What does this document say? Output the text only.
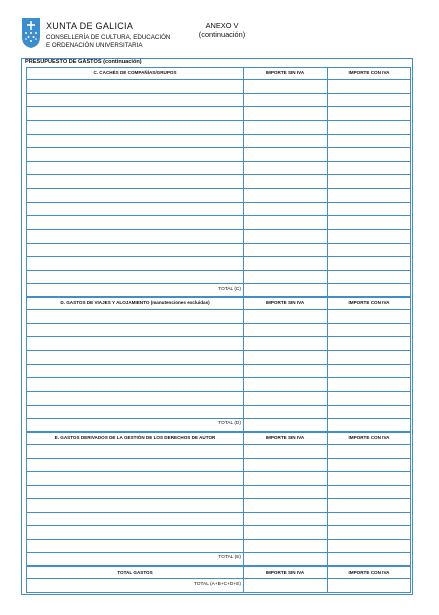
XUNTA DE GALICIA
CONSELLERÍA DE CULTURA, EDUCACIÓN
E ORDENACIÓN UNIVERSITARIA
ANEXO V
(continuación)
PRESUPUESTO DE GASTOS (continuación)
C. CACHÉS DE COMPAÑÍAS/GRUPOS	IMPORTE SIN IVA	IMPORTE CON IVA
TOTAL (C)
D. GASTOS DE VIAJES Y ALOJAMIENTO (manutenciones excluidas)	IMPORTE SIN IVA	IMPORTE CON IVA
TOTAL (D)
E. GASTOS DERIVADOS DE LA GESTIÓN DE LOS DERECHOS DE AUTOR	IMPORTE SIN IVA	IMPORTE CON IVA
TOTAL (E)
TOTAL GASTOS	IMPORTE SIN IVA	IMPORTE CON IVA
TOTAL (A+B+C+D+E)
